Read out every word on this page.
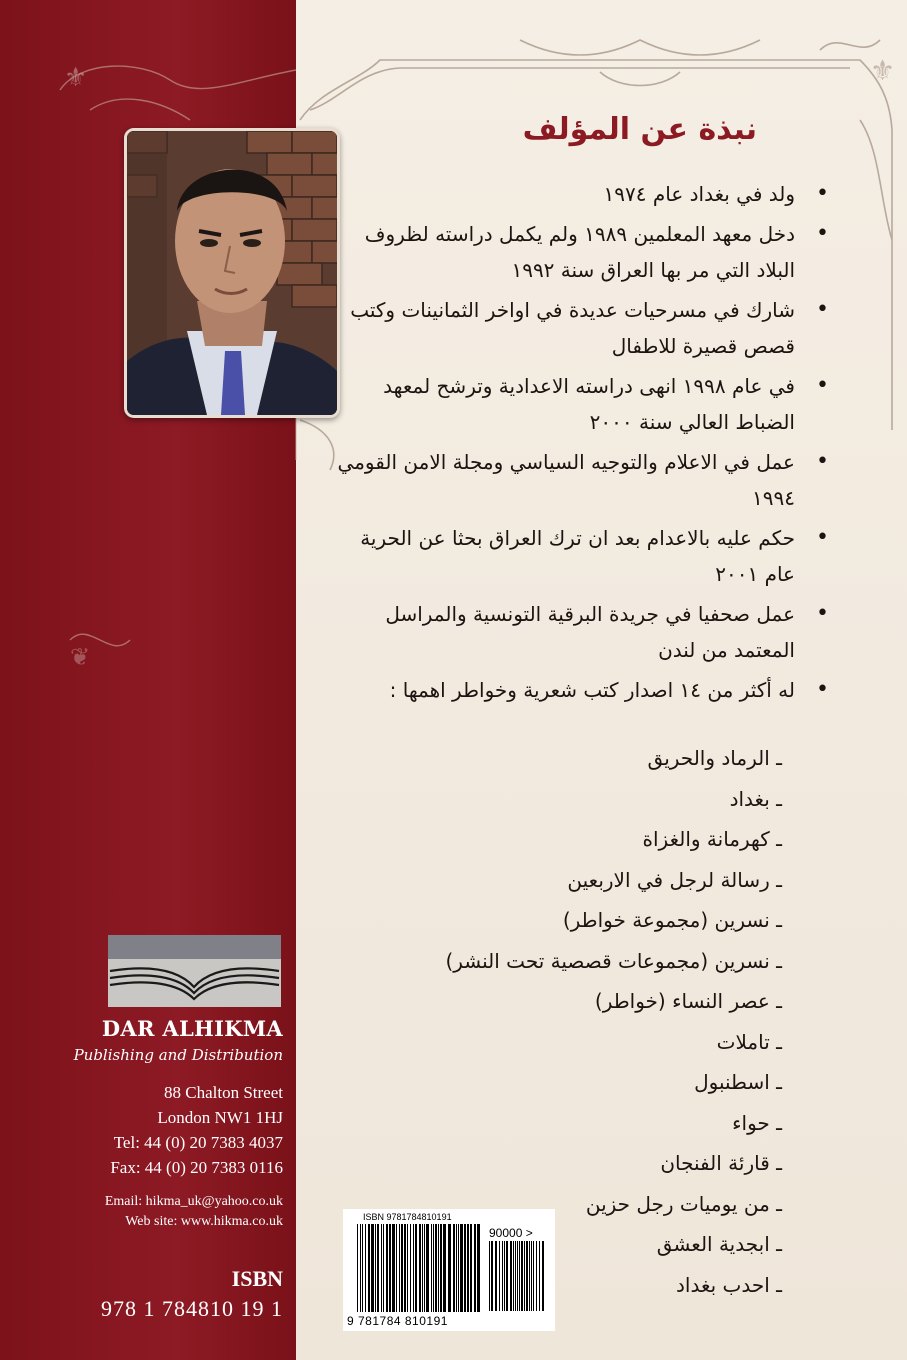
⚜
⚜
❦
نبذة عن المؤلف
•
ولد في بغداد عام ١٩٧٤
•
دخل معهد المعلمين ١٩٨٩ ولم يكمل دراسته لظروف البلاد التي مر بها العراق سنة ١٩٩٢
•
شارك في مسرحيات عديدة في اواخر الثمانينات وكتب قصص قصيرة للاطفال
•
في عام ١٩٩٨ انهى دراسته الاعدادية وترشح لمعهد الضباط العالي سنة ٢٠٠٠
•
عمل في الاعلام والتوجيه السياسي ومجلة الامن القومي ١٩٩٤
•
حكم عليه بالاعدام بعد ان ترك العراق بحثا عن الحرية عام ٢٠٠١
•
عمل صحفيا في جريدة البرقية التونسية والمراسل المعتمد من لندن
•
له أكثر من ١٤ اصدار كتب شعرية وخواطر اهمها :
ـ الرماد والحريق
ـ بغداد
ـ كهرمانة والغزاة
ـ رسالة لرجل في الاربعين
ـ نسرين (مجموعة خواطر)
ـ نسرين (مجموعات قصصية تحت النشر)
ـ عصر النساء (خواطر)
ـ تاملات
ـ اسطنبول
ـ حواء
ـ قارئة الفنجان
ـ من يوميات رجل حزين
ـ ابجدية العشق
ـ احدب بغداد
DAR ALHIKMA
Publishing and Distribution
88 Chalton Street
London NW1 1HJ
Tel: 44 (0) 20 7383 4037
Fax: 44 (0) 20 7383 0116
Email: hikma_uk@yahoo.co.uk
Web site: www.hikma.co.uk
ISBN
978 1 784810 19 1
ISBN 9781784810191
90000 >
9 781784 810191
